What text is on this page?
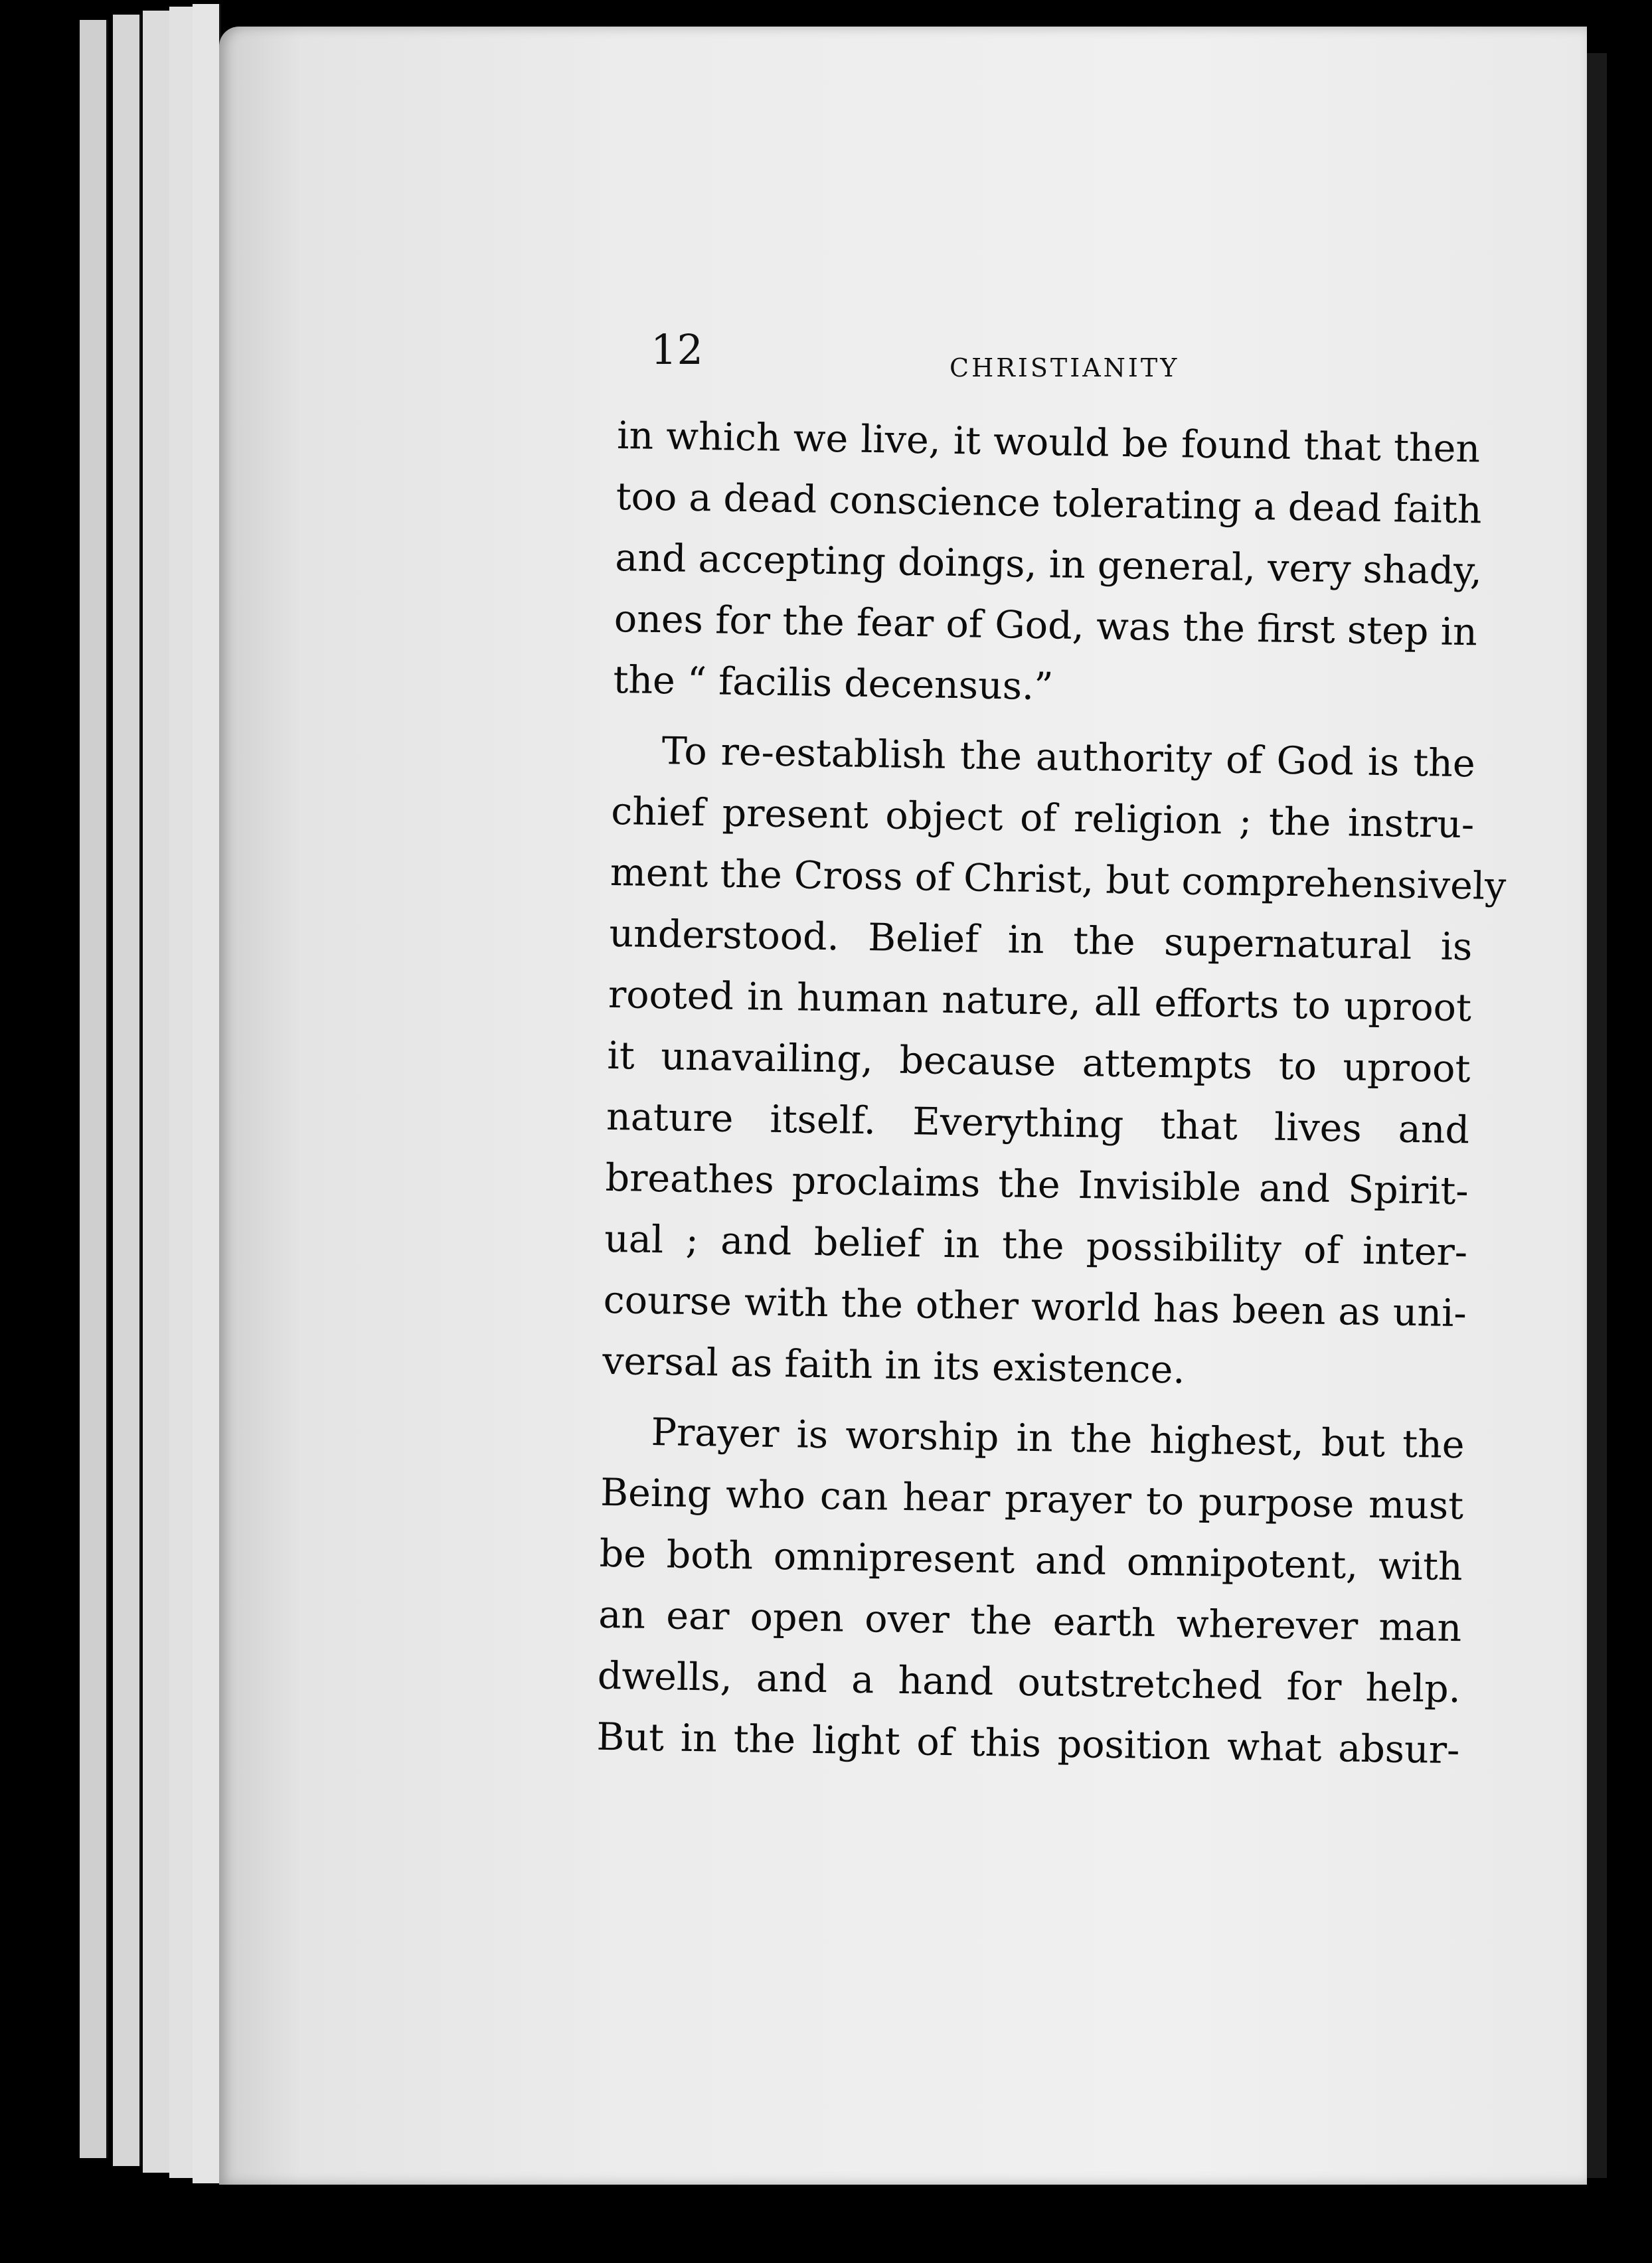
12	CHRISTIANITY
in which we live, it would be found that then
too a dead conscience tolerating a dead faith
and accepting doings, in general, very shady,
ones for the fear of God, was the first step in
the “ facilis decensus.”
To re-establish the authority of God is the
chief present object of religion ; the instru-
ment the Cross of Christ, but comprehensively
understood. Belief in the supernatural is
rooted in human nature, all efforts to uproot
it unavailing, because attempts to uproot
nature itself. Everything that lives and
breathes proclaims the Invisible and Spirit-
ual ; and belief in the possibility of inter-
course with the other world has been as uni-
versal as faith in its existence.
Prayer is worship in the highest, but the
Being who can hear prayer to purpose must
be both omnipresent and omnipotent, with
an ear open over the earth wherever man
dwells, and a hand outstretched for help.
But in the light of this position what absur-
